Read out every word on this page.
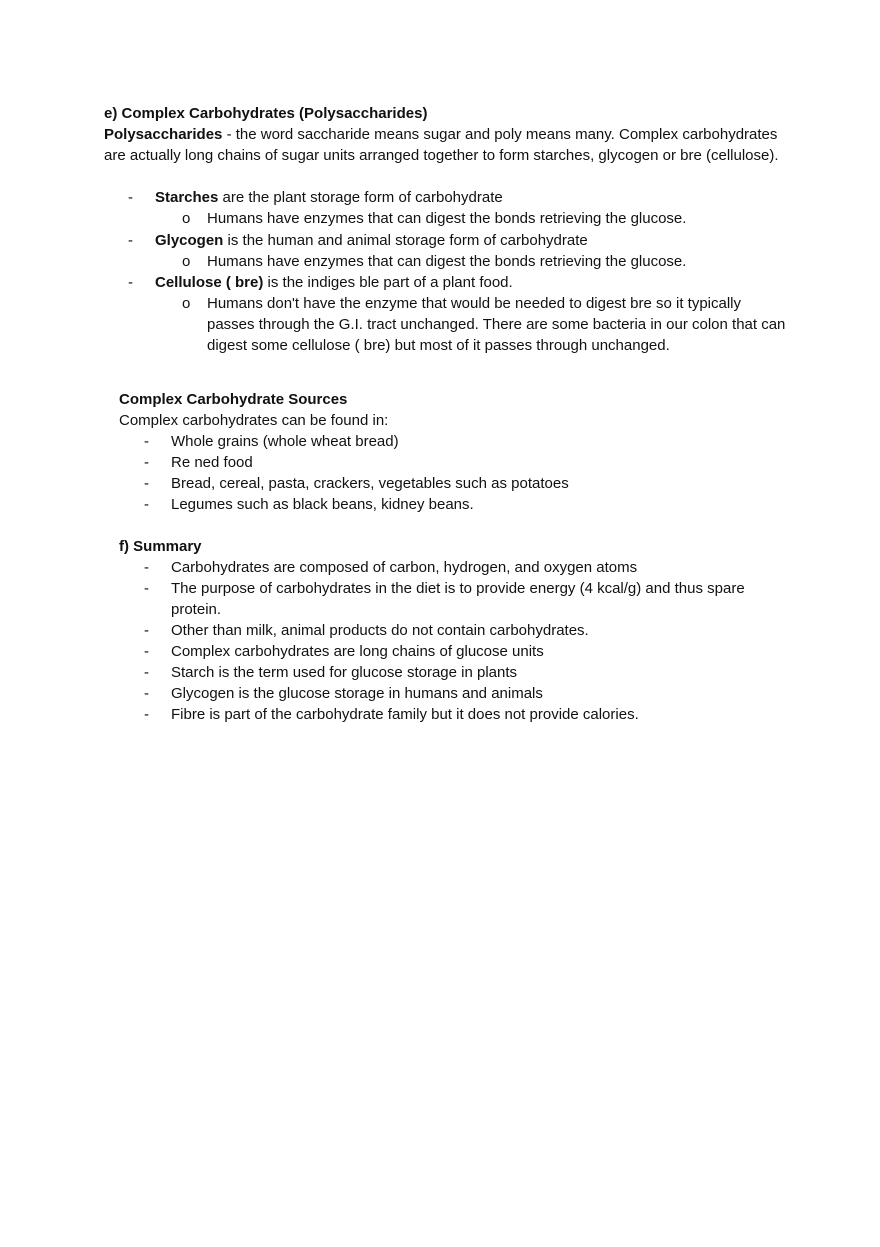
e) Complex Carbohydrates (Polysaccharides)

Polysaccharides - the word saccharide means sugar and poly means many. Complex carbohydrates are actually long chains of sugar units arranged together to form starches, glycogen or bre (cellulose).

- Starches are the plant storage form of carbohydrate
o Humans have enzymes that can digest the bonds retrieving the glucose.
- Glycogen is the human and animal storage form of carbohydrate
o Humans have enzymes that can digest the bonds retrieving the glucose.
- Cellulose ( bre) is the indiges ble part of a plant food.
o Humans don't have the enzyme that would be needed to digest bre so it typically passes through the G.I. tract unchanged. There are some bacteria in our colon that can digest some cellulose ( bre) but most of it passes through unchanged.

Complex Carbohydrate Sources

Complex carbohydrates can be found in:

- Whole grains (whole wheat bread)
- Re ned food
- Bread, cereal, pasta, crackers, vegetables such as potatoes
- Legumes such as black beans, kidney beans.

f) Summary

- Carbohydrates are composed of carbon, hydrogen, and oxygen atoms
- The purpose of carbohydrates in the diet is to provide energy (4 kcal/g) and thus spare protein.
- Other than milk, animal products do not contain carbohydrates.
- Complex carbohydrates are long chains of glucose units
- Starch is the term used for glucose storage in plants
- Glycogen is the glucose storage in humans and animals
- Fibre is part of the carbohydrate family but it does not provide calories.
